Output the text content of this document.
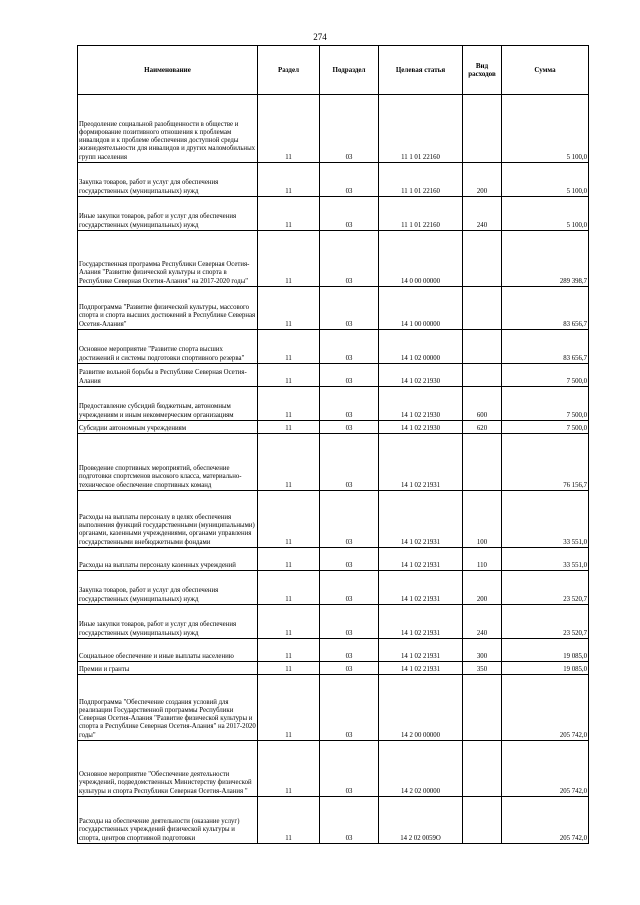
274
Наименование	Раздел	Подраздел	Целевая статья	Вид расходов	Сумма
Преодоление социальной разобщенности в обществе и формирование позитивного отношения к проблемам инвалидов и к проблеме обеспечения доступной среды жизнедеятельности для инвалидов и других маломобильных групп населения	11	03	11 1 01 22160		5 100,0
Закупка товаров, работ и услуг для обеспечения государственных (муниципальных) нужд	11	03	11 1 01 22160	200	5 100,0
Иные закупки товаров, работ и услуг для обеспечения государственных (муниципальных) нужд	11	03	11 1 01 22160	240	5 100,0
Государственная программа Республики Северная Осетия-Алания "Развитие физической культуры и спорта в Республике Северная Осетия-Алания" на 2017-2020 годы"	11	03	14 0 00 00000		289 398,7
Подпрограмма "Развитие физической культуры, массового спорта и спорта высших достижений в Республике Северная Осетия-Алания"	11	03	14 1 00 00000		83 656,7
Основное мероприятие "Развитие спорта высших достижений и системы подготовки спортивного резерва"	11	03	14 1 02 00000		83 656,7
Развитие вольной борьбы в Республике Северная Осетия-Алания	11	03	14 1 02 21930		7 500,0
Предоставление субсидий бюджетным, автономным учреждениям и иным некоммерческим организациям	11	03	14 1 02 21930	600	7 500,0
Субсидии автономным учреждениям	11	03	14 1 02 21930	620	7 500,0
Проведение спортивных мероприятий, обеспечение подготовки спортсменов высокого класса, материально-техническое обеспечение спортивных команд	11	03	14 1 02 21931		76 156,7
Расходы на выплаты персоналу в целях обеспечения выполнения функций государственными (муниципальными) органами, казенными учреждениями, органами управления государственными внебюджетными фондами	11	03	14 1 02 21931	100	33 551,0
Расходы на выплаты персоналу казенных учреждений	11	03	14 1 02 21931	110	33 551,0
Закупка товаров, работ и услуг для обеспечения государственных (муниципальных) нужд	11	03	14 1 02 21931	200	23 520,7
Иные закупки товаров, работ и услуг для обеспечения государственных (муниципальных) нужд	11	03	14 1 02 21931	240	23 520,7
Социальное обеспечение и иные выплаты населению	11	03	14 1 02 21931	300	19 085,0
Премии и гранты	11	03	14 1 02 21931	350	19 085,0
Подпрограмма "Обеспечение создания условий для реализации Государственной программы Республики Северная Осетия-Алания "Развитие физической культуры и спорта в Республике Северная Осетия-Алания" на 2017-2020 годы"	11	03	14 2 00 00000		205 742,0
Основное мероприятие "Обеспечение деятельности учреждений, подведомственных Министерству физической культуры и спорта Республики Северная Осетия-Алания "	11	03	14 2 02 00000		205 742,0
Расходы на обеспечение деятельности (оказание услуг) государственных учреждений физической культуры и спорта, центров спортивной подготовки	11	03	14 2 02 0059О		205 742,0
